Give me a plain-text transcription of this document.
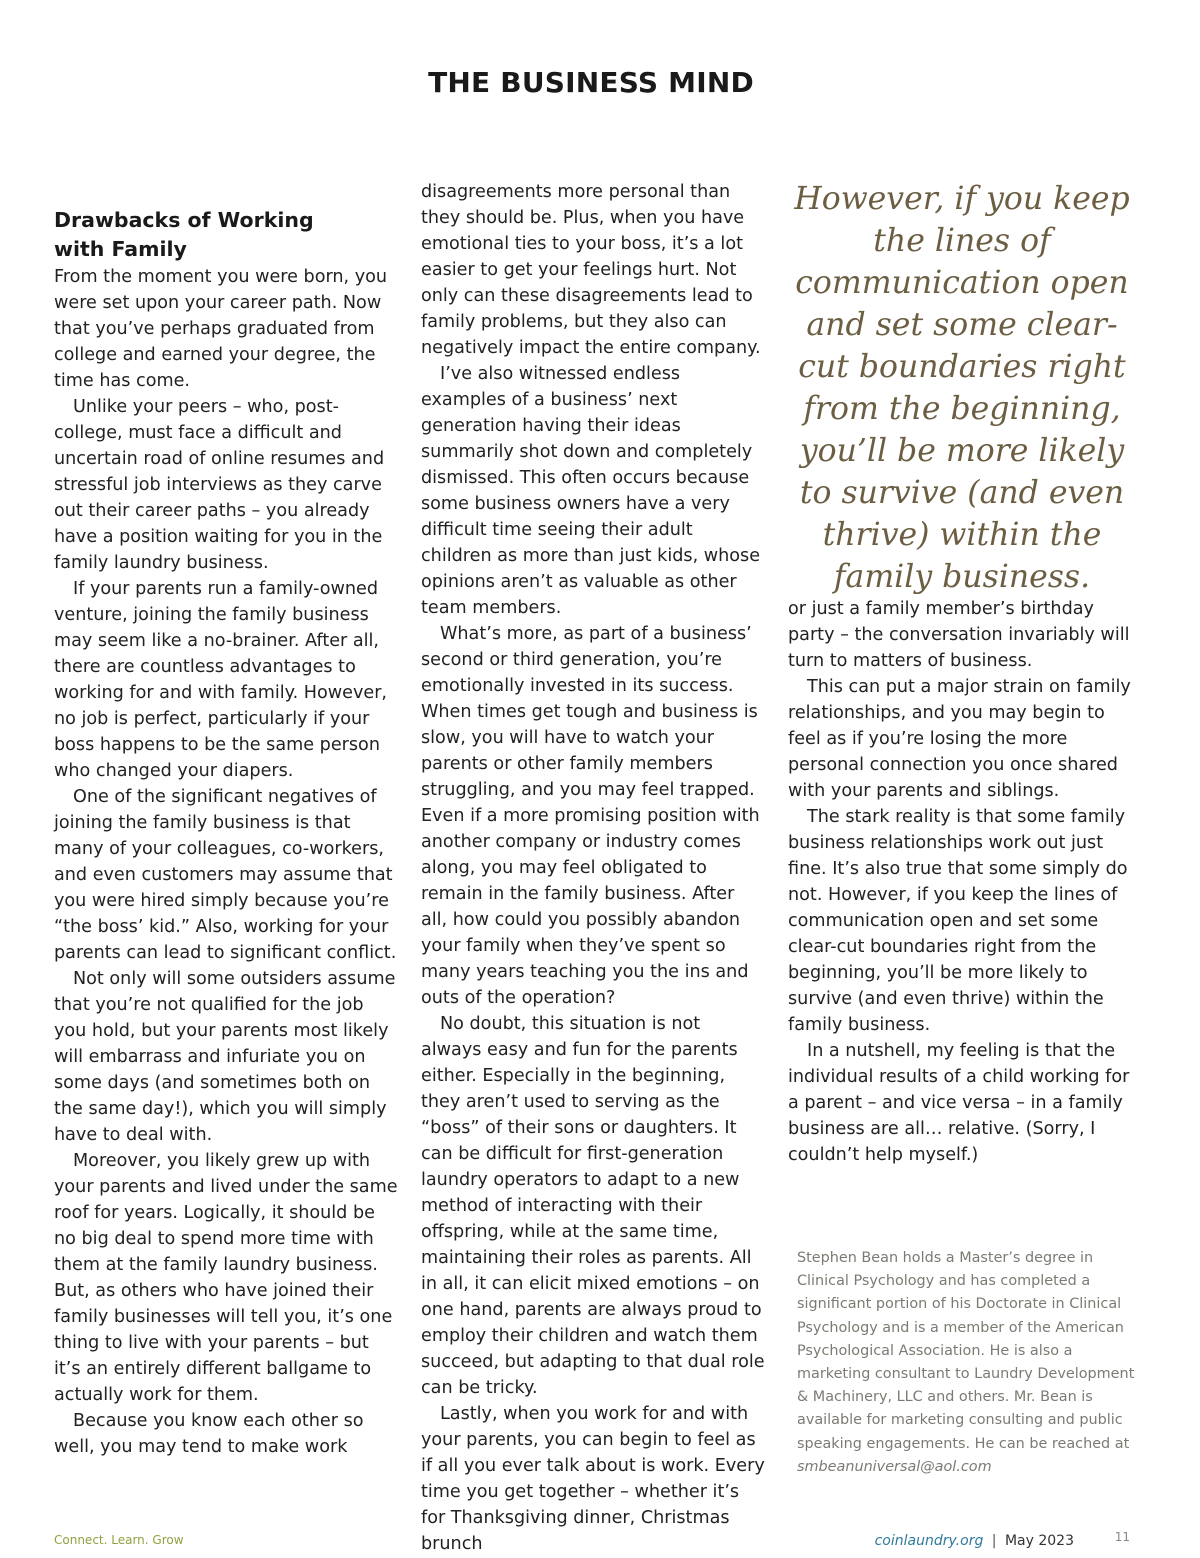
THE BUSINESS MIND
Drawbacks of Working
with Family

From the moment you were born, you were set upon your career path. Now that you’ve perhaps graduated from college and earned your degree, the time has come.

Unlike your peers – who, post-college, must face a difficult and uncertain road of online resumes and stressful job interviews as they carve out their career paths – you already have a position waiting for you in the family laundry business.

If your parents run a family-owned venture, joining the family business may seem like a no-brainer. After all, there are countless advantages to working for and with family. However, no job is perfect, particularly if your boss happens to be the same person who changed your diapers.

One of the significant negatives of joining the family business is that many of your colleagues, co-workers, and even customers may assume that you were hired simply because you’re “the boss’ kid.” Also, working for your parents can lead to significant conflict.

Not only will some outsiders assume that you’re not qualified for the job you hold, but your parents most likely will embarrass and infuriate you on some days (and sometimes both on the same day!), which you will simply have to deal with.

Moreover, you likely grew up with your parents and lived under the same roof for years. Logically, it should be no big deal to spend more time with them at the family laundry business. But, as others who have joined their family businesses will tell you, it’s one thing to live with your parents – but it’s an entirely different ballgame to actually work for them.

Because you know each other so well, you may tend to make work

disagreements more personal than they should be. Plus, when you have emotional ties to your boss, it’s a lot easier to get your feelings hurt. Not only can these disagreements lead to family problems, but they also can negatively impact the entire company.

I’ve also witnessed endless examples of a business’ next generation having their ideas summarily shot down and completely dismissed. This often occurs because some business owners have a very difficult time seeing their adult children as more than just kids, whose opinions aren’t as valuable as other team members.

What’s more, as part of a business’ second or third generation, you’re emotionally invested in its success. When times get tough and business is slow, you will have to watch your parents or other family members struggling, and you may feel trapped. Even if a more promising position with another company or industry comes along, you may feel obligated to remain in the family business. After all, how could you possibly abandon your family when they’ve spent so many years teaching you the ins and outs of the operation?

No doubt, this situation is not always easy and fun for the parents either. Especially in the beginning, they aren’t used to serving as the “boss” of their sons or daughters. It can be difficult for first-generation laundry operators to adapt to a new method of interacting with their offspring, while at the same time, maintaining their roles as parents. All in all, it can elicit mixed emotions – on one hand, parents are always proud to employ their children and watch them succeed, but adapting to that dual role can be tricky.

Lastly, when you work for and with your parents, you can begin to feel as if all you ever talk about is work. Every time you get together – whether it’s for Thanksgiving dinner, Christmas brunch

However, if you keep the lines of communication open and set some clear-cut boundaries right from the beginning, you’ll be more likely to survive (and even thrive) within the family business.

or just a family member’s birthday party – the conversation invariably will turn to matters of business.

This can put a major strain on family relationships, and you may begin to feel as if you’re losing the more personal connection you once shared with your parents and siblings.

The stark reality is that some family business relationships work out just fine. It’s also true that some simply do not. However, if you keep the lines of communication open and set some clear-cut boundaries right from the beginning, you’ll be more likely to survive (and even thrive) within the family business.

In a nutshell, my feeling is that the individual results of a child working for a parent – and vice versa – in a family business are all… relative. (Sorry, I couldn’t help myself.)

Stephen Bean holds a Master’s degree in Clinical Psychology and has completed a significant portion of his Doctorate in Clinical Psychology and is a member of the American Psychological Association. He is also a marketing consultant to Laundry Development & Machinery, LLC and others. Mr. Bean is available for marketing consulting and public speaking engagements. He can be reached at smbeanuniversal@aol.com
Connect. Learn. Grow	coinlaundry.org | May 2023	11
